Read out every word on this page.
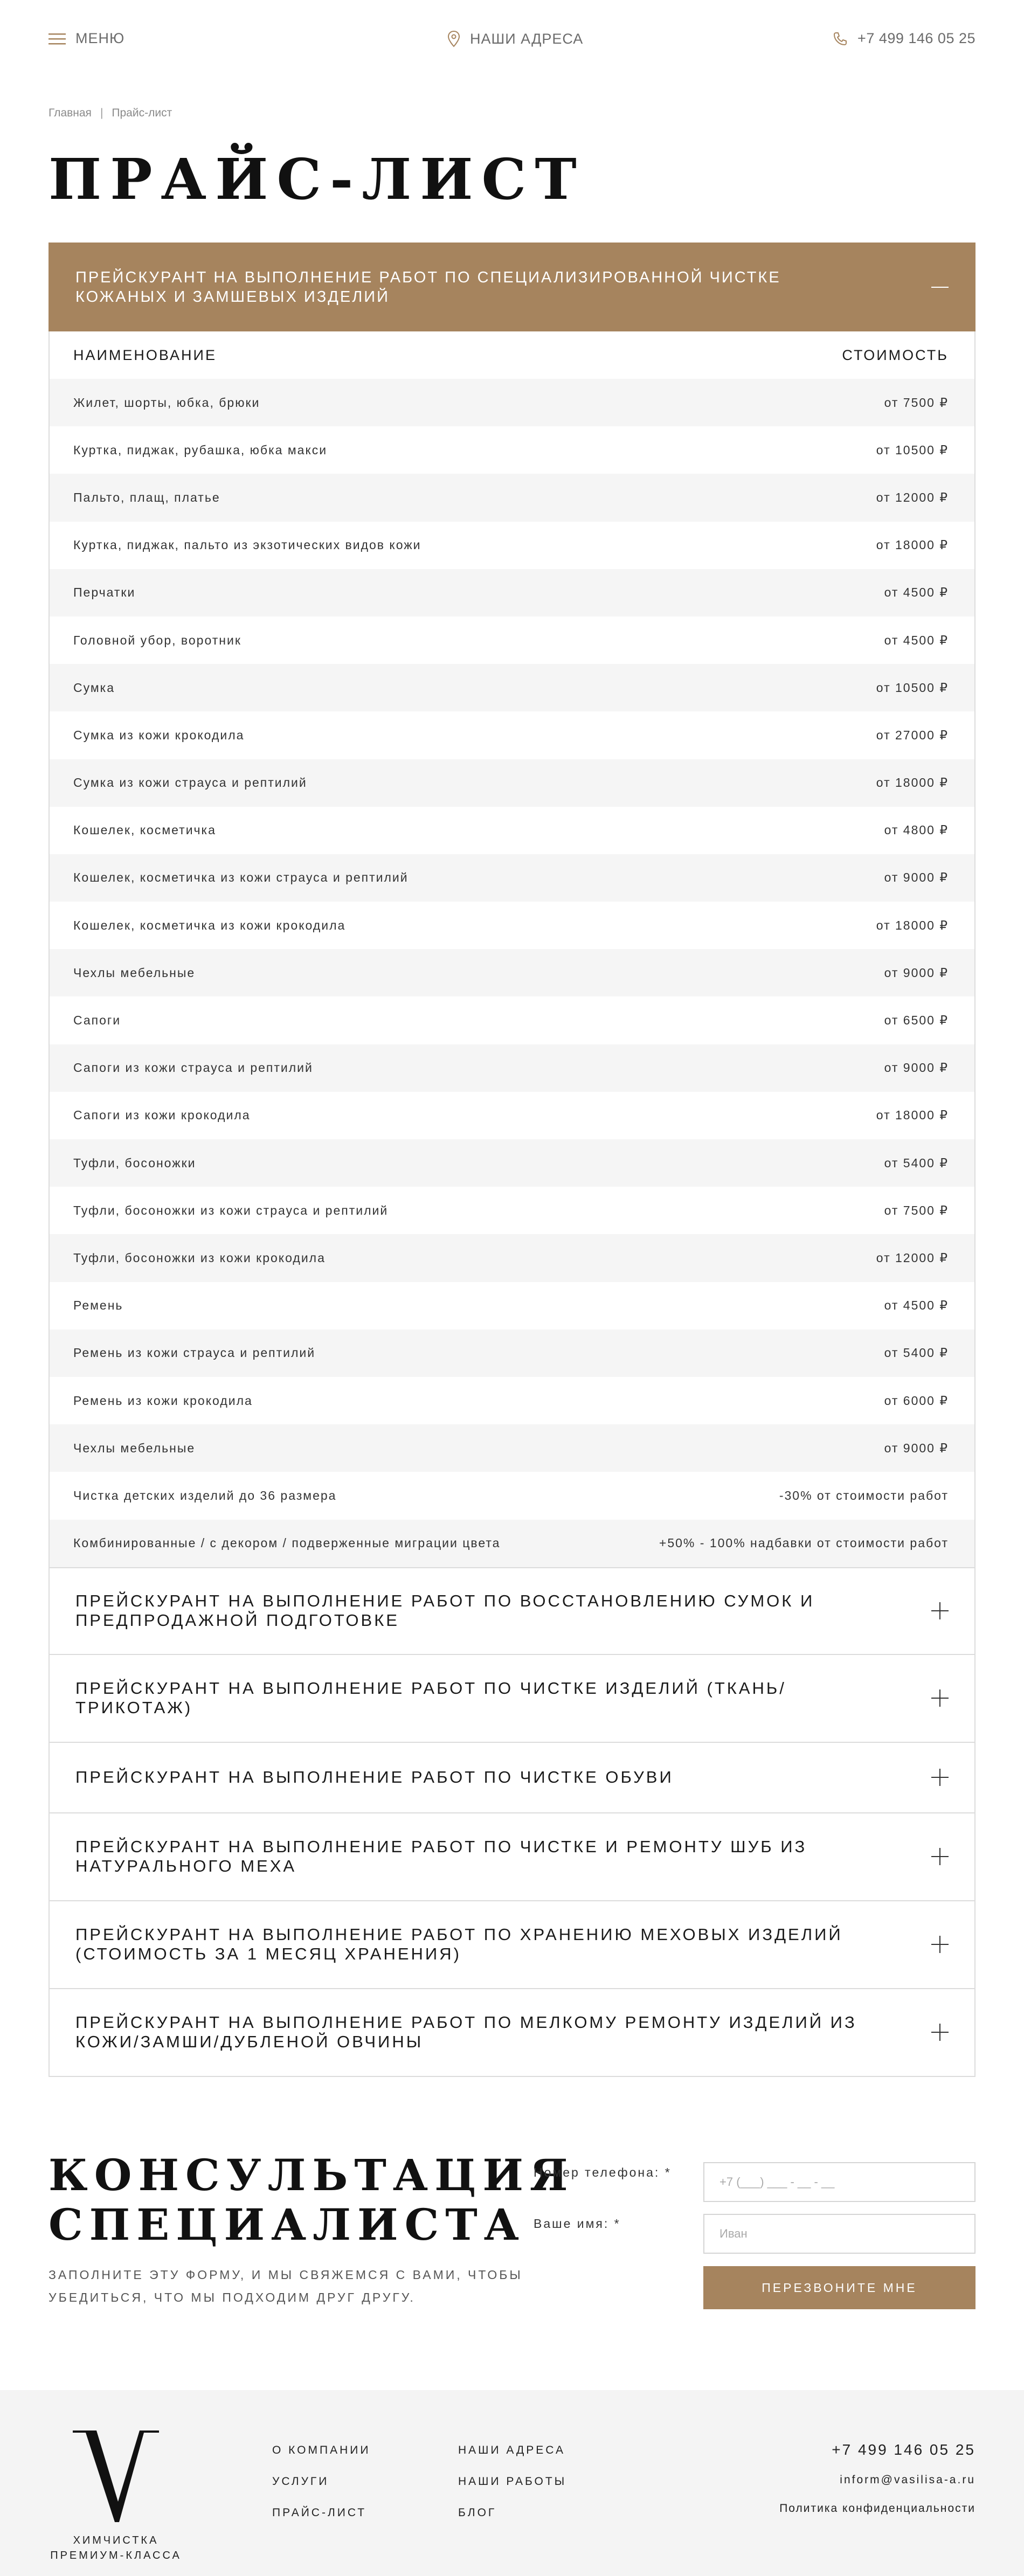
МЕНЮ	НАШИ АДРЕСА	+7 499 146 05 25
Главная | Прайс-лист
ПРАЙС-ЛИСТ
ПРЕЙСКУРАНТ НА ВЫПОЛНЕНИЕ РАБОТ ПО СПЕЦИАЛИЗИРОВАННОЙ ЧИСТКЕ КОЖАНЫХ И ЗАМШЕВЫХ ИЗДЕЛИЙ
НАИМЕНОВАНИЕ	СТОИМОСТЬ
Жилет, шорты, юбка, брюки	от 7500 ₽
Куртка, пиджак, рубашка, юбка макси	от 10500 ₽
Пальто, плащ, платье	от 12000 ₽
Куртка, пиджак, пальто из экзотических видов кожи	от 18000 ₽
Перчатки	от 4500 ₽
Головной убор, воротник	от 4500 ₽
Сумка	от 10500 ₽
Сумка из кожи крокодила	от 27000 ₽
Сумка из кожи страуса и рептилий	от 18000 ₽
Кошелек, косметичка	от 4800 ₽
Кошелек, косметичка из кожи страуса и рептилий	от 9000 ₽
Кошелек, косметичка из кожи крокодила	от 18000 ₽
Чехлы мебельные	от 9000 ₽
Сапоги	от 6500 ₽
Сапоги из кожи страуса и рептилий	от 9000 ₽
Сапоги из кожи крокодила	от 18000 ₽
Туфли, босоножки	от 5400 ₽
Туфли, босоножки из кожи страуса и рептилий	от 7500 ₽
Туфли, босоножки из кожи крокодила	от 12000 ₽
Ремень	от 4500 ₽
Ремень из кожи страуса и рептилий	от 5400 ₽
Ремень из кожи крокодила	от 6000 ₽
Чехлы мебельные	от 9000 ₽
Чистка детских изделий до 36 размера	-30% от стоимости работ
Комбинированные / с декором / подверженные миграции цвета	+50% - 100% надбавки от стоимости работ
ПРЕЙСКУРАНТ НА ВЫПОЛНЕНИЕ РАБОТ ПО ВОССТАНОВЛЕНИЮ СУМОК И ПРЕДПРОДАЖНОЙ ПОДГОТОВКЕ
ПРЕЙСКУРАНТ НА ВЫПОЛНЕНИЕ РАБОТ ПО ЧИСТКЕ ИЗДЕЛИЙ (ТКАНЬ/ТРИКОТАЖ)
ПРЕЙСКУРАНТ НА ВЫПОЛНЕНИЕ РАБОТ ПО ЧИСТКЕ ОБУВИ
ПРЕЙСКУРАНТ НА ВЫПОЛНЕНИЕ РАБОТ ПО ЧИСТКЕ И РЕМОНТУ ШУБ ИЗ НАТУРАЛЬНОГО МЕХА
ПРЕЙСКУРАНТ НА ВЫПОЛНЕНИЕ РАБОТ ПО ХРАНЕНИЮ МЕХОВЫХ ИЗДЕЛИЙ (СТОИМОСТЬ ЗА 1 МЕСЯЦ ХРАНЕНИЯ)
ПРЕЙСКУРАНТ НА ВЫПОЛНЕНИЕ РАБОТ ПО МЕЛКОМУ РЕМОНТУ ИЗДЕЛИЙ ИЗ КОЖИ/ЗАМШИ/ДУБЛЕНОЙ ОВЧИНЫ
КОНСУЛЬТАЦИЯ
СПЕЦИАЛИСТА

ЗАПОЛНИТЕ ЭТУ ФОРМУ, И МЫ СВЯЖЕМСЯ С ВАМИ, ЧТОБЫ УБЕДИТЬСЯ, ЧТО МЫ ПОДХОДИМ ДРУГ ДРУГУ.

Номер телефона: *
+7 (___) ___ - __ - __
Ваше имя: *
Иван
ПЕРЕЗВОНИТЕ МНЕ
ХИМЧИСТКА
ПРЕМИУМ-КЛАССА
О КОМПАНИИ
УСЛУГИ
ПРАЙС-ЛИСТ
НАШИ АДРЕСА
НАШИ РАБОТЫ
БЛОГ
+7 499 146 05 25
inform@vasilisa-a.ru
Политика конфиденциальности
